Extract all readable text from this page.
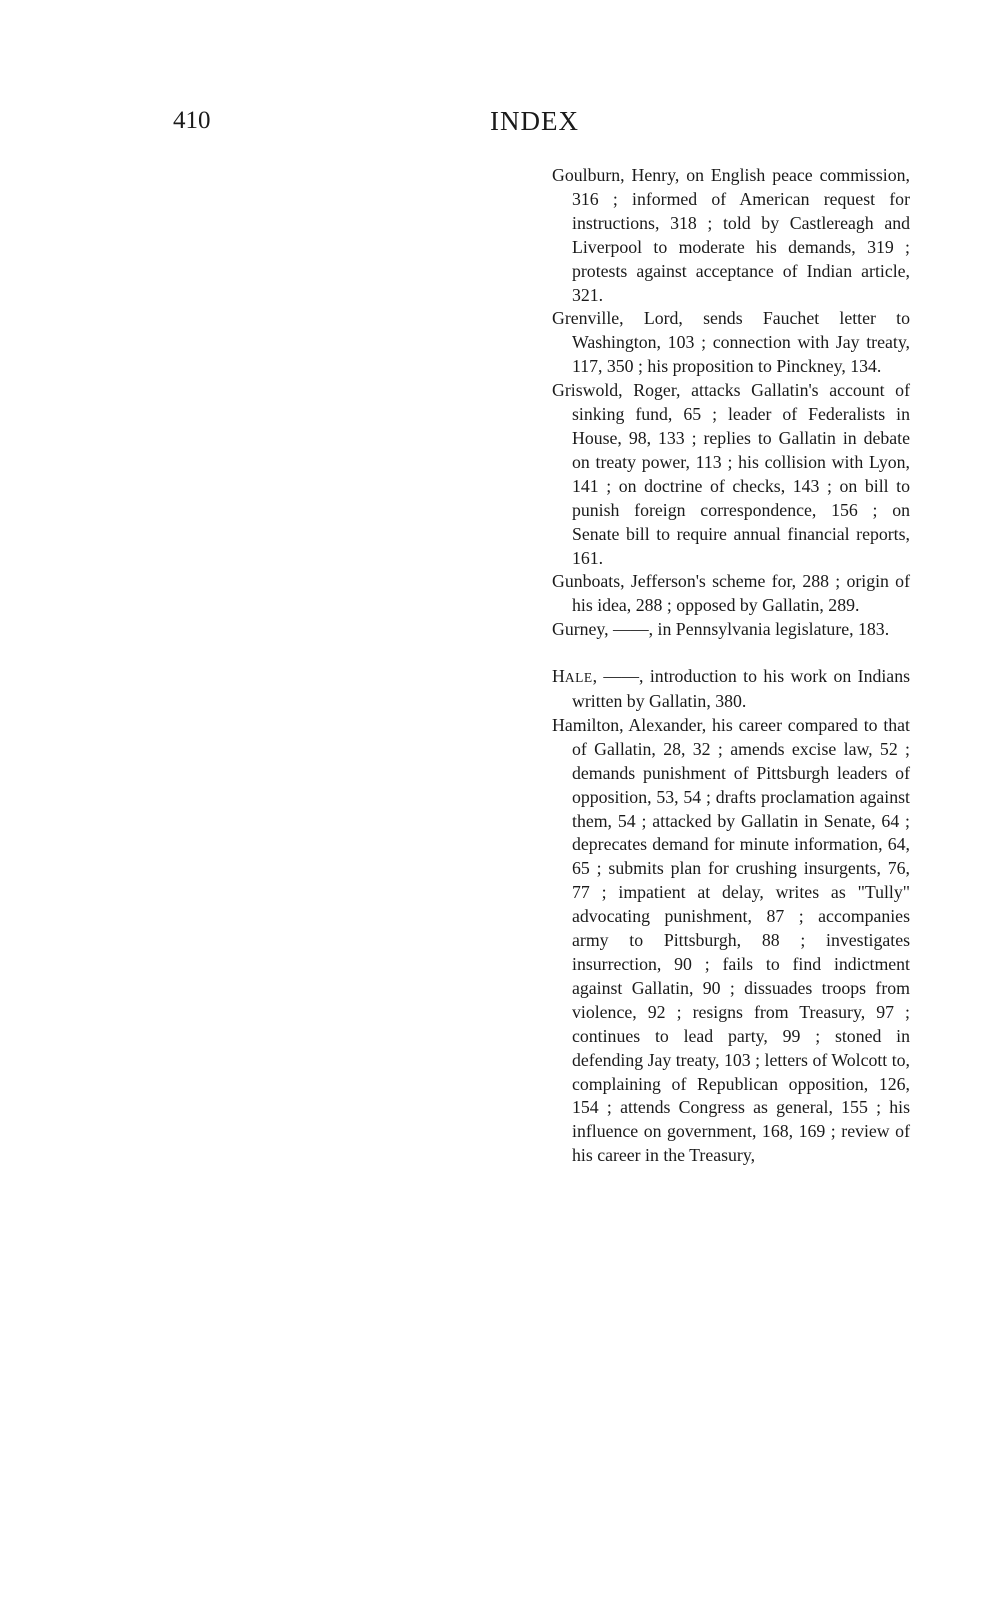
410	INDEX

Goulburn, Henry, on English peace commission, 316 ; informed of American request for instructions, 318 ; told by Castlereagh and Liverpool to moderate his demands, 319 ; protests against acceptance of Indian article, 321.

Grenville, Lord, sends Fauchet letter to Washington, 103 ; connection with Jay treaty, 117, 350 ; his proposition to Pinckney, 134.

Griswold, Roger, attacks Gallatin's account of sinking fund, 65 ; leader of Federalists in House, 98, 133 ; replies to Gallatin in debate on treaty power, 113 ; his collision with Lyon, 141 ; on doctrine of checks, 143 ; on bill to punish foreign correspondence, 156 ; on Senate bill to require annual financial reports, 161.

Gunboats, Jefferson's scheme for, 288 ; origin of his idea, 288 ; opposed by Gallatin, 289.

Gurney, ——, in Pennsylvania legislature, 183.

HALE, ——, introduction to his work on Indians written by Gallatin, 380.

Hamilton, Alexander, his career compared to that of Gallatin, 28, 32 ; amends excise law, 52 ; demands punishment of Pittsburgh leaders of opposition, 53, 54 ; drafts proclamation against them, 54 ; attacked by Gallatin in Senate, 64 ; deprecates demand for minute information, 64, 65 ; submits plan for crushing insurgents, 76, 77 ; impatient at delay, writes as "Tully" advocating punishment, 87 ; accompanies army to Pittsburgh, 88 ; investigates insurrection, 90 ; fails to find indictment against Gallatin, 90 ; dissuades troops from violence, 92 ; resigns from Treasury, 97 ; continues to lead party, 99 ; stoned in defending Jay treaty, 103 ; letters of Wolcott to, complaining of Republican opposition, 126, 154 ; attends Congress as general, 155 ; his influence on government, 168, 169 ; review of his career in the Treasury,
